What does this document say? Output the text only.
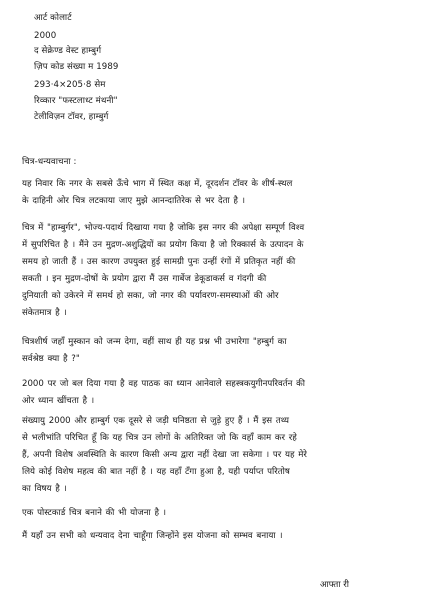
आर्ट कोलार्ट
2000
द सेक्रेण्ड वेस्ट हाम्बुर्ग
ज़िप कोड संख्या म 1989
293·4×205·8 सेम
रिव्कार "फस्टलाध्ट मंथनी"
टेलीविज़न टॉवर, हाम्बुर्ग
चित्र-धन्यवाचना :
यह निवार कि नगर के सबसे ऊँचे भाग में स्थित कक्ष में, दूरदर्शन टॉवर के शीर्ष-स्थल
के दाहिनी ओर चित्र लटकाया जाए मुझे आनन्दातिरेक से भर देता है ।
चित्र में "हाम्बुर्गर", भोज्य-पदार्थ दिखाया गया है जोकि इस नगर की अपेक्षा सम्पूर्ण विश्व
में सुपरिचित है । मैंने उन मुद्रण-अशुद्धियों का प्रयोग किया है जो रिक्कार्स के उत्पादन के
समय हो जाती हैं । उस कारण उपयुक्त हुई सामग्री पुनः उन्हीं रंगों में प्रतिकृत नहीं की
सकती । इन मुद्रण-दोषों के प्रयोग द्वारा मैं उस गार्बेज डेकूडाकर्स व गंदगी की
दुनियाती को उकेरने में समर्थ हो सका, जो नगर की पर्यावरण-समस्याओं की ओर
संकेतमात्र है ।
चित्रशीर्ष जहाँ मुस्कान को जन्म देगा, वहीं साथ ही यह प्रश्न भी उभारेगा "हम्बुर्ग का
सर्वश्रेष्ठ क्या है ?"
2000 पर जो बल दिया गया है वह पाठक का ध्यान आनेवाले सहस्त्रकयुगीनपरिवर्तन की
ओर ध्यान खींचता है ।
संख्यायु 2000 और हाम्बुर्ग एक दूसरे से जड़ी घनिष्ठता से जुड़े हुए हैं । मैं इस तथ्य
से भलीभांति परिचित हूँ कि यह चित्र उन लोगों के अतिरिक्त जो कि वहाँ काम कर रहे
हैं, अपनी विशेष अवस्थिति के कारण किसी अन्य द्वारा नहीं देखा जा सकेगा । पर यह मेरे
लिये कोई विशेष महत्व की बात नहीं है । यह वहाँ टँगा हुआ है, यही पर्याप्त परितोष
का विषय है ।
एक पोस्टकार्ड चित्र बनाने की भी योजना है ।
मैं यहाँ उन सभी को धन्यवाद देना चाहूँगा जिन्होंने इस योजना को सम्भव बनाया ।
आफ्ता री
